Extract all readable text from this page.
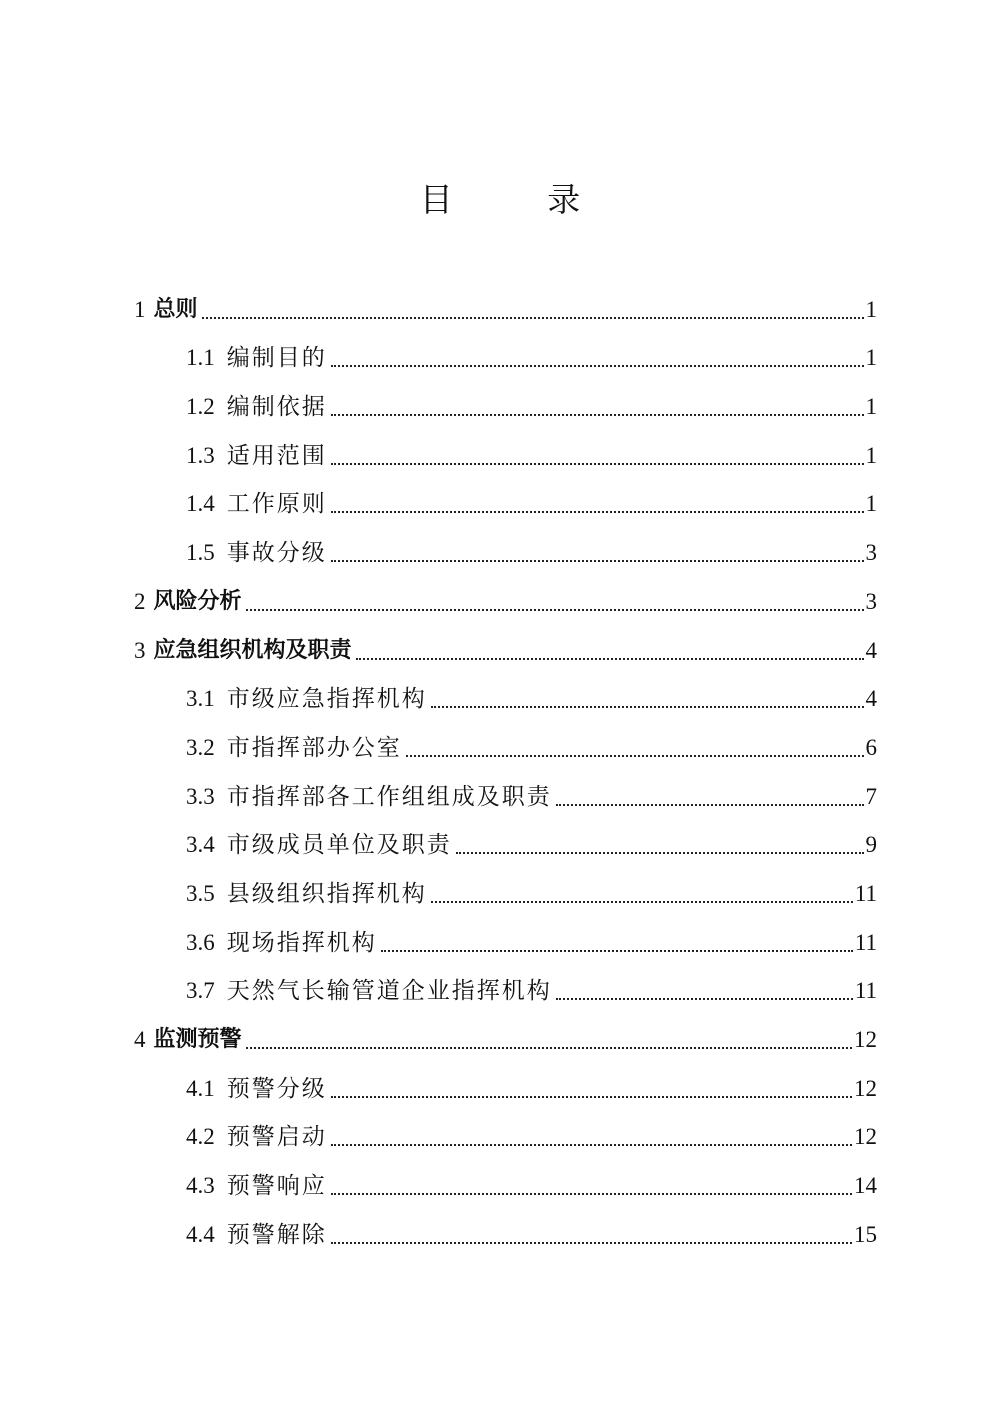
目 录
1 总则	1
1.1 编制目的	1
1.2 编制依据	1
1.3 适用范围	1
1.4 工作原则	1
1.5 事故分级	3
2 风险分析	3
3 应急组织机构及职责	4
3.1 市级应急指挥机构	4
3.2 市指挥部办公室	6
3.3 市指挥部各工作组组成及职责	7
3.4 市级成员单位及职责	9
3.5 县级组织指挥机构	11
3.6 现场指挥机构	11
3.7 天然气长输管道企业指挥机构	11
4 监测预警	12
4.1 预警分级	12
4.2 预警启动	12
4.3 预警响应	14
4.4 预警解除	15
